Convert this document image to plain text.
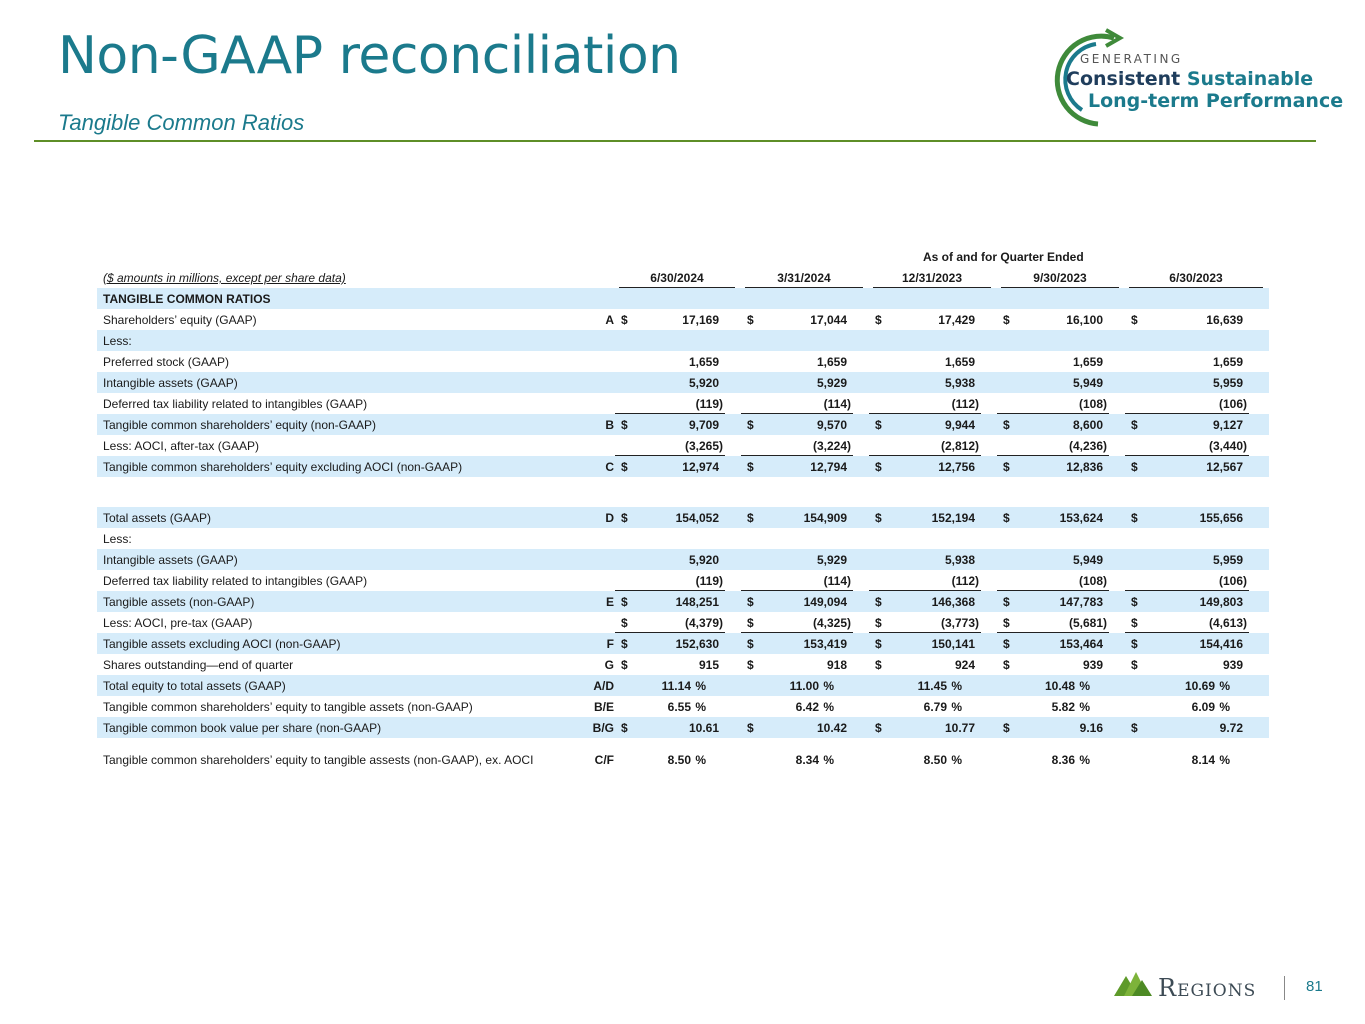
Non-GAAP reconciliation
Tangible Common Ratios
GENERATING
Consistent Sustainable
Long-term Performance
As of and for Quarter Ended
($ amounts in millions, except per share data)	6/30/2024	3/31/2024	12/31/2023	9/30/2023	6/30/2023
TANGIBLE COMMON RATIOS
Shareholders’ equity (GAAP)	A $	17,169 $	17,044 $	17,429 $	16,100 $	16,639
Less:
Preferred stock (GAAP)	1,659	1,659	1,659	1,659	1,659
Intangible assets (GAAP)	5,920	5,929	5,938	5,949	5,959
Deferred tax liability related to intangibles (GAAP)	(119)	(114)	(112)	(108)	(106)
Tangible common shareholders’ equity (non-GAAP)	B $	9,709 $	9,570 $	9,944 $	8,600 $	9,127
Less: AOCI, after-tax (GAAP)	(3,265)	(3,224)	(2,812)	(4,236)	(3,440)
Tangible common shareholders’ equity excluding AOCI (non-GAAP)	C $	12,974 $	12,794 $	12,756 $	12,836 $	12,567
Total assets (GAAP)	D $	154,052 $	154,909 $	152,194 $	153,624 $	155,656
Less:
Intangible assets (GAAP)	5,920	5,929	5,938	5,949	5,959
Deferred tax liability related to intangibles (GAAP)	(119)	(114)	(112)	(108)	(106)
Tangible assets (non-GAAP)	E $	148,251 $	149,094 $	146,368 $	147,783 $	149,803
Less: AOCI, pre-tax (GAAP)	$	(4,379) $	(4,325) $	(3,773) $	(5,681) $	(4,613)
Tangible assets excluding AOCI (non-GAAP)	F $	152,630 $	153,419 $	150,141 $	153,464 $	154,416
Shares outstanding—end of quarter	G $	915 $	918 $	924 $	939 $	939
Total equity to total assets (GAAP)	A/D	11.14 %	11.00 %	11.45 %	10.48 %	10.69 %
Tangible common shareholders’ equity to tangible assets (non-GAAP)	B/E	6.55 %	6.42 %	6.79 %	5.82 %	6.09 %
Tangible common book value per share (non-GAAP)	B/G $	10.61 $	10.42 $	10.77 $	9.16 $	9.72
Tangible common shareholders’ equity to tangible assests (non-GAAP), ex. AOCI	C/F	8.50 %	8.34 %	8.50 %	8.36 %	8.14 %
Regions	81
